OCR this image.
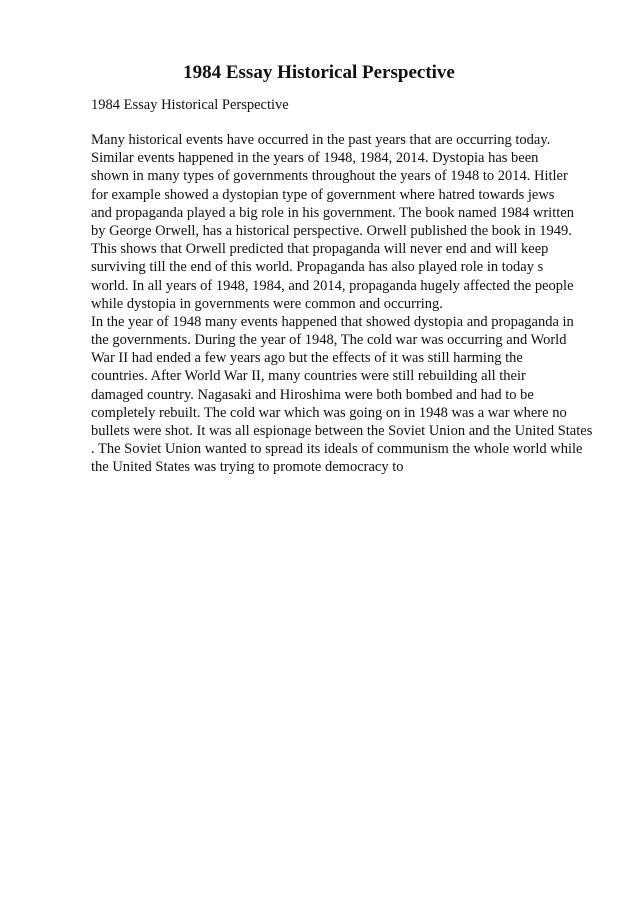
1984 Essay Historical Perspective

1984 Essay Historical Perspective

Many historical events have occurred in the past years that are occurring today.
Similar events happened in the years of 1948, 1984, 2014. Dystopia has been
shown in many types of governments throughout the years of 1948 to 2014. Hitler
for example showed a dystopian type of government where hatred towards jews
and propaganda played a big role in his government. The book named 1984 written
by George Orwell, has a historical perspective. Orwell published the book in 1949.
This shows that Orwell predicted that propaganda will never end and will keep
surviving till the end of this world. Propaganda has also played role in today s
world. In all years of 1948, 1984, and 2014, propaganda hugely affected the people
while dystopia in governments were common and occurring.
In the year of 1948 many events happened that showed dystopia and propaganda in
the governments. During the year of 1948, The cold war was occurring and World
War II had ended a few years ago but the effects of it was still harming the
countries. After World War II, many countries were still rebuilding all their
damaged country. Nagasaki and Hiroshima were both bombed and had to be
completely rebuilt. The cold war which was going on in 1948 was a war where no
bullets were shot. It was all espionage between the Soviet Union and the United States
. The Soviet Union wanted to spread its ideals of communism the whole world while
the United States was trying to promote democracy to
